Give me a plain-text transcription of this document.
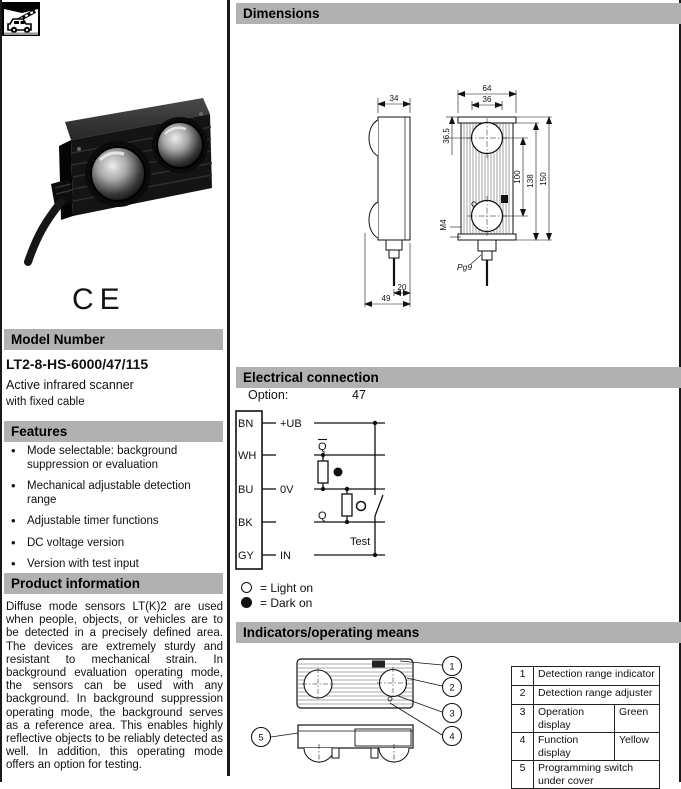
CE
Model Number
LT2-8-HS-6000/47/115
Active infrared scanner
with fixed cable
Features
• Mode selectable: background suppression or evaluation
• Mechanical adjustable detection range
• Adjustable timer functions
• DC voltage version
• Version with test input
Product information
Diffuse mode sensors LT(K)2 are used when people, objects, or vehicles are to be detected in a precisely defined area. The devices are extremely sturdy and resistant to mechanical strain. In background evaluation operating mode, the sensors can be used with any background. In background suppression operating mode, the background serves as a reference area. This enables highly reflective objects to be reliably detected as well. In addition, this operating mode offers an option for testing.
Dimensions
34
20
49
64
36
36.5
100 138 150
M4
Pg9
Electrical connection
Option:	47
BN
WH
BU
BK
GY
+UB
0V
IN
Q
Q
Test
= Light on
= Dark on
Indicators/operating means
1
2
3
4
5
1	Detection range indicator	
2	Detection range adjuster	
3	Operation display	Green
4	Function display	Yellow
5	Programming switch under cover	
